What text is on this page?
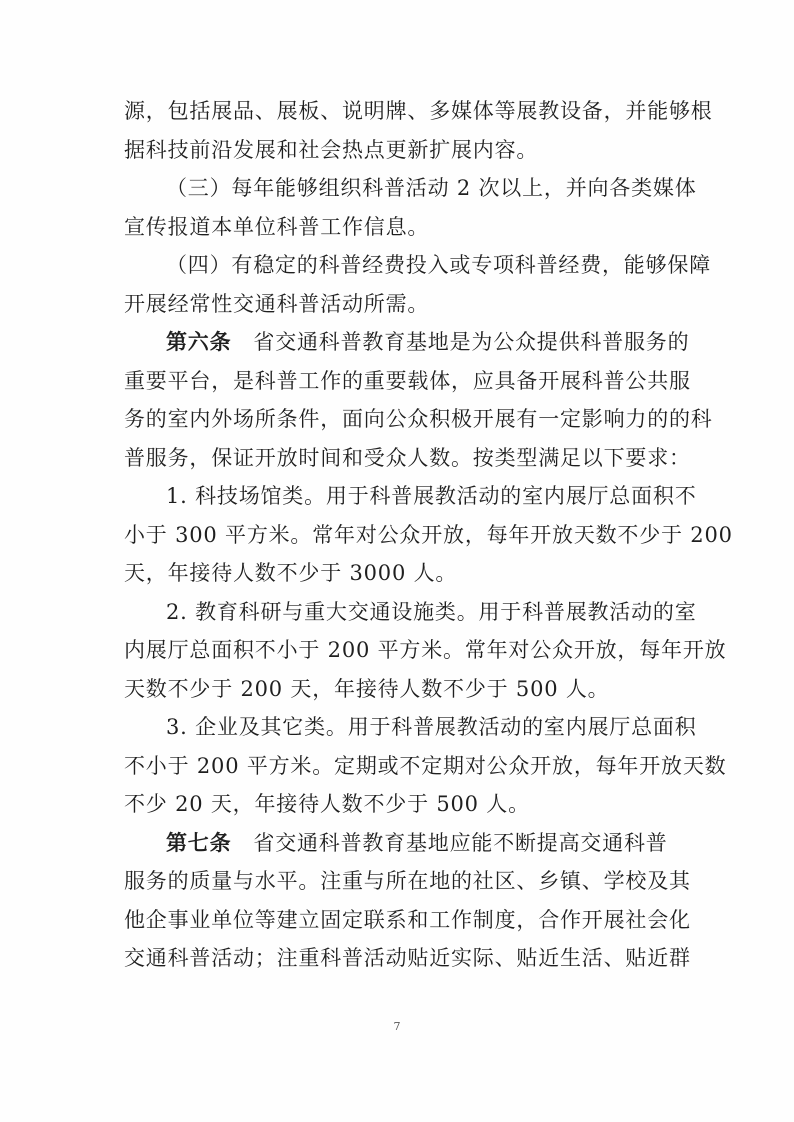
源，包括展品、展板、说明牌、多媒体等展教设备，并能够根
据科技前沿发展和社会热点更新扩展内容。
（三）每年能够组织科普活动 2 次以上，并向各类媒体
宣传报道本单位科普工作信息。
（四）有稳定的科普经费投入或专项科普经费，能够保障
开展经常性交通科普活动所需。
第六条 省交通科普教育基地是为公众提供科普服务的
重要平台，是科普工作的重要载体，应具备开展科普公共服
务的室内外场所条件，面向公众积极开展有一定影响力的的科
普服务，保证开放时间和受众人数。按类型满足以下要求：
1. 科技场馆类。用于科普展教活动的室内展厅总面积不
小于 300 平方米。常年对公众开放，每年开放天数不少于 200
天，年接待人数不少于 3000 人。
2. 教育科研与重大交通设施类。用于科普展教活动的室
内展厅总面积不小于 200 平方米。常年对公众开放，每年开放
天数不少于 200 天，年接待人数不少于 500 人。
3. 企业及其它类。用于科普展教活动的室内展厅总面积
不小于 200 平方米。定期或不定期对公众开放，每年开放天数
不少 20 天，年接待人数不少于 500 人。
第七条 省交通科普教育基地应能不断提高交通科普
服务的质量与水平。注重与所在地的社区、乡镇、学校及其
他企事业单位等建立固定联系和工作制度，合作开展社会化
交通科普活动；注重科普活动贴近实际、贴近生活、贴近群
7
